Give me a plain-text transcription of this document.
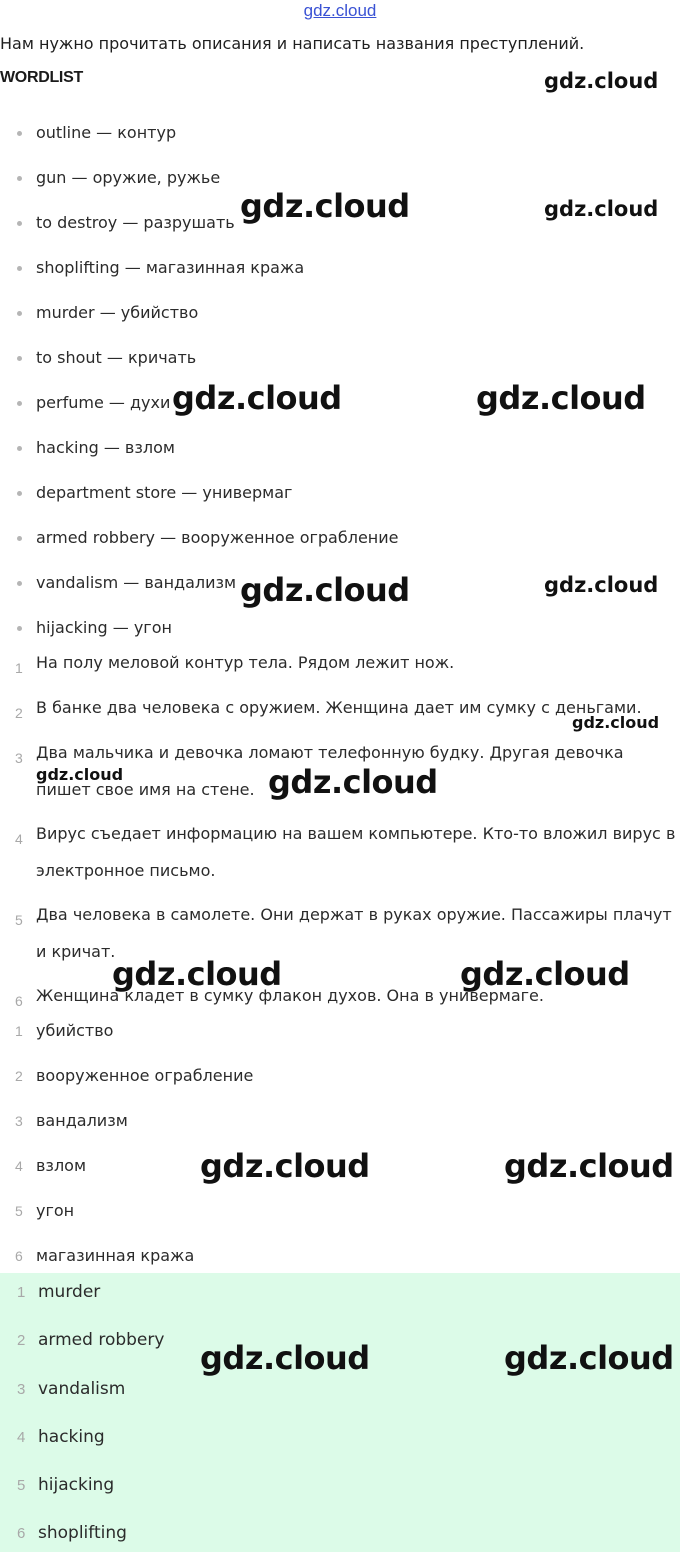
gdz.cloud
Нам нужно прочитать описания и написать названия преступлений.
WORDLIST
outline — контур
gun — оружие, ружье
to destroy — разрушать
shoplifting — магазинная кража
murder — убийство
to shout — кричать
perfume — духи
hacking — взлом
department store — универмаг
armed robbery — вооруженное ограбление
vandalism — вандализм
hijacking — угон
1 На полу меловой контур тела. Рядом лежит нож.
2 В банке два человека с оружием. Женщина дает им сумку с деньгами.
3 Два мальчика и девочка ломают телефонную будку. Другая девочка пишет свое имя на стене.
4 Вирус съедает информацию на вашем компьютере. Кто-то вложил вирус в электронное письмо.
5 Два человека в самолете. Они держат в руках оружие. Пассажиры плачут и кричат.
6 Женщина кладет в сумку флакон духов. Она в универмаге.
1 убийство
2 вооруженное ограбление
3 вандализм
4 взлом
5 угон
6 магазинная кража
1 murder
2 armed robbery
3 vandalism
4 hacking
5 hijacking
6 shoplifting
gdz.cloud
gdz.cloud	gdz.cloud
gdz.cloud	gdz.cloud
gdz.cloud	gdz.cloud
gdz.cloud
gdz.cloud	gdz.cloud
gdz.cloud	gdz.cloud
gdz.cloud	gdz.cloud
gdz.cloud	gdz.cloud
